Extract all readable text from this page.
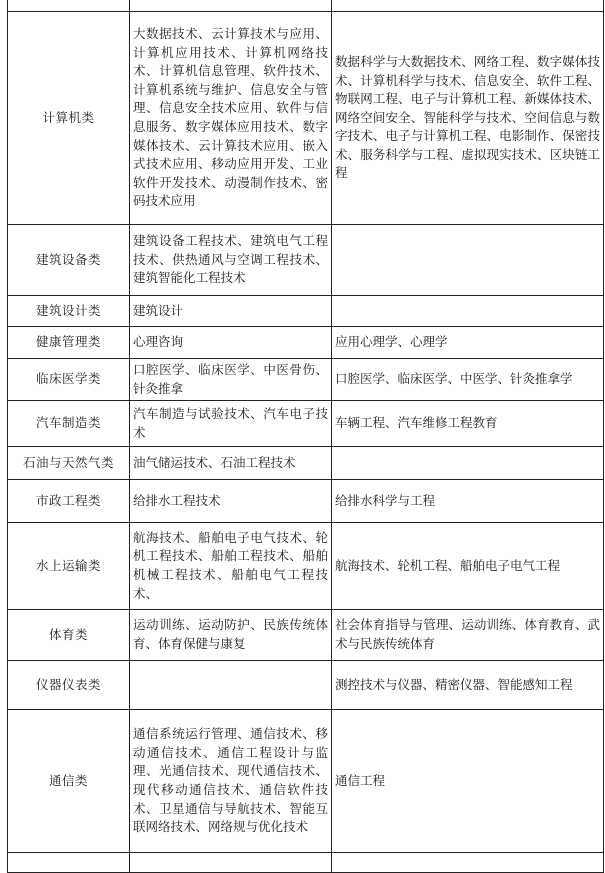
计算机类	大数据技术、云计算技术与应用、计算机应用技术、计算机网络技术、计算机信息管理、软件技术、计算机系统与维护、信息安全与管理、信息安全技术应用、软件与信息服务、数字媒体应用技术、数字媒体技术、云计算技术应用、嵌入式技术应用、移动应用开发、工业软件开发技术、动漫制作技术、密码技术应用	数据科学与大数据技术、网络工程、数字媒体技术、计算机科学与技术、信息安全、软件工程、物联网工程、电子与计算机工程、新媒体技术、网络空间安全、智能科学与技术、空间信息与数字技术、电子与计算机工程、电影制作、保密技术、服务科学与工程、虚拟现实技术、区块链工程
建筑设备类	建筑设备工程技术、建筑电气工程技术、供热通风与空调工程技术、建筑智能化工程技术	
建筑设计类	建筑设计	
健康管理类	心理咨询	应用心理学、心理学
临床医学类	口腔医学、临床医学、中医骨伤、针灸推拿	口腔医学、临床医学、中医学、针灸推拿学
汽车制造类	汽车制造与试验技术、汽车电子技术	车辆工程、汽车维修工程教育
石油与天然气类	油气储运技术、石油工程技术	
市政工程类	给排水工程技术	给排水科学与工程
水上运输类	航海技术、船舶电子电气技术、轮机工程技术、船舶工程技术、船舶机械工程技术、船舶电气工程技术、	航海技术、轮机工程、船舶电子电气工程
体育类	运动训练、运动防护、民族传统体育、体育保健与康复	社会体育指导与管理、运动训练、体育教育、武术与民族传统体育
仪器仪表类		测控技术与仪器、精密仪器、智能感知工程
通信类	通信系统运行管理、通信技术、移动通信技术、通信工程设计与监理、光通信技术、现代通信技术、现代移动通信技术、通信软件技术、卫星通信与导航技术、智能互联网络技术、网络规与优化技术	通信工程
